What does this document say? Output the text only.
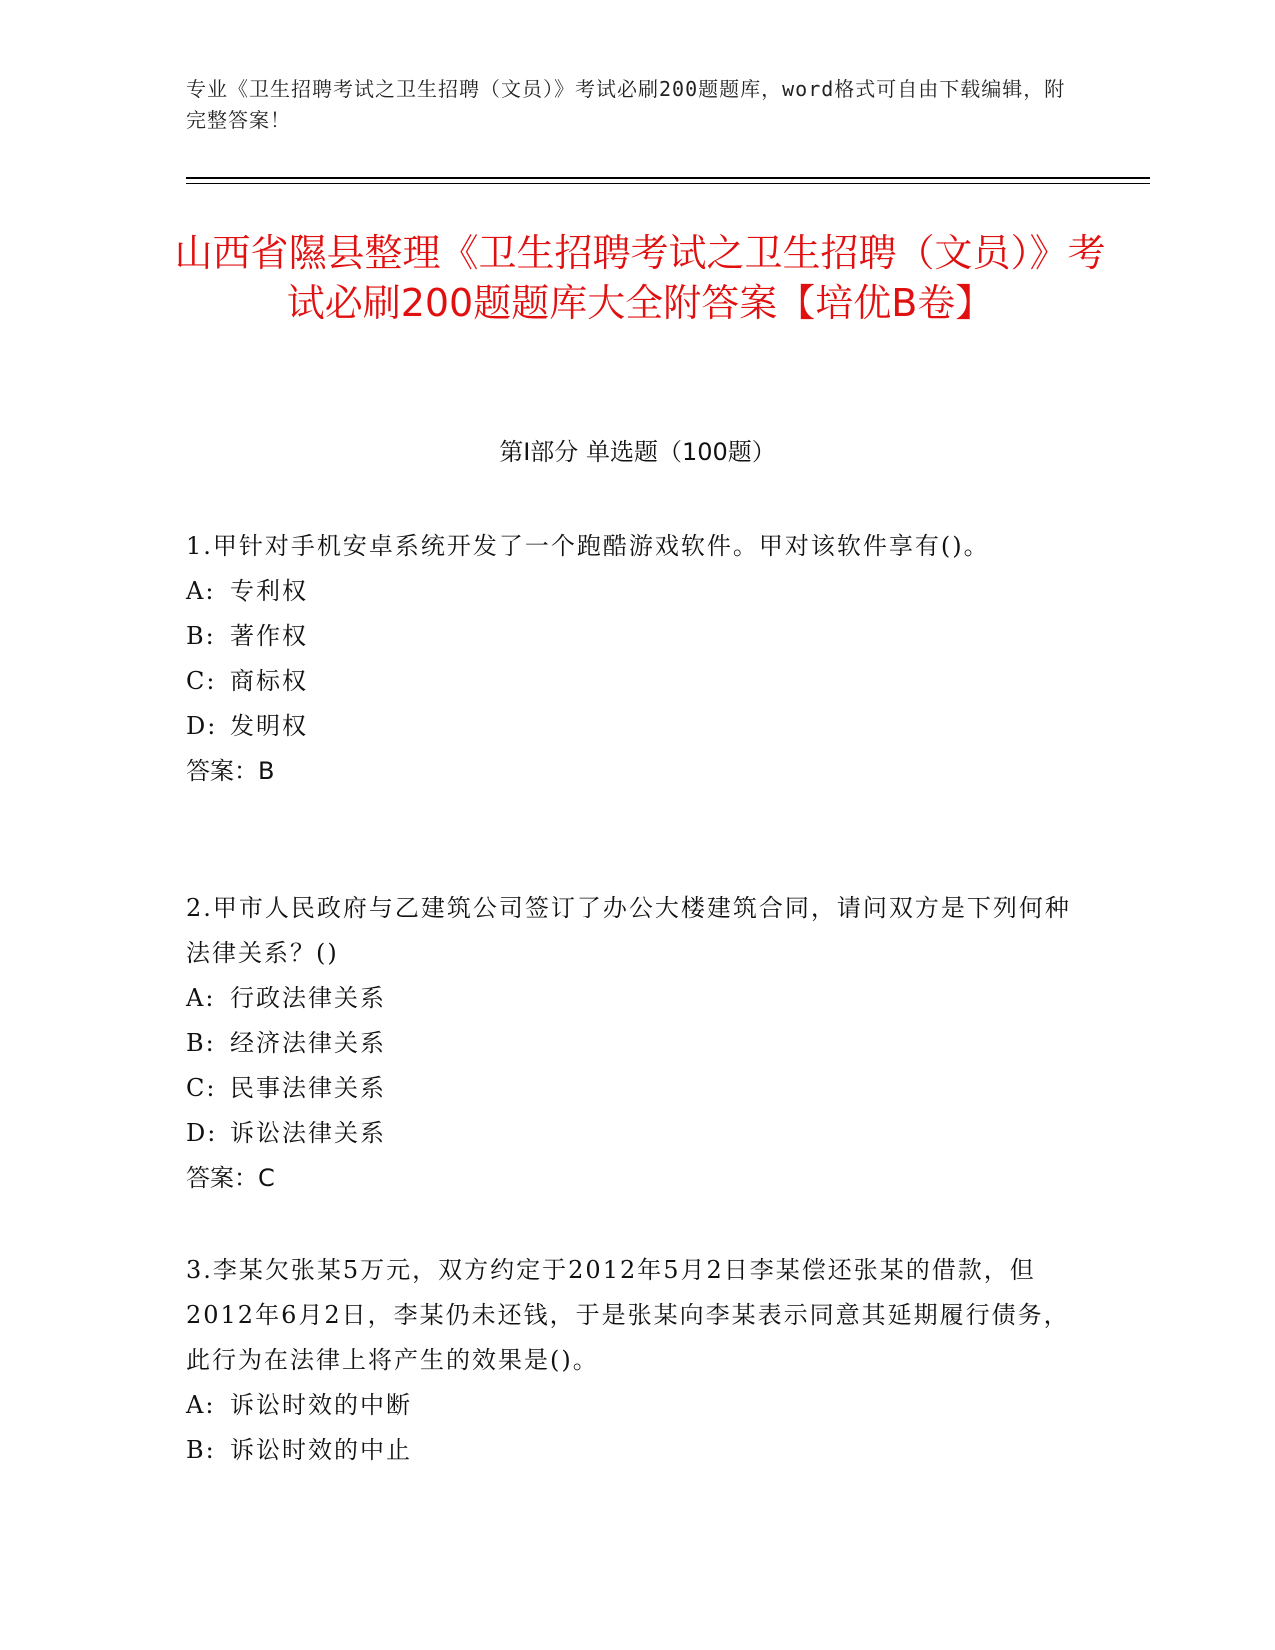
专业《卫生招聘考试之卫生招聘（文员）》考试必刷200题题库，word格式可自由下载编辑，附完整答案！
山西省隰县整理《卫生招聘考试之卫生招聘（文员）》考试必刷200题题库大全附答案【培优B卷】
第Ⅰ部分 单选题（100题）

1.甲针对手机安卓系统开发了一个跑酷游戏软件。甲对该软件享有()。

A: 专利权
B: 著作权
C: 商标权
D: 发明权

答案：B

2.甲市人民政府与乙建筑公司签订了办公大楼建筑合同，请问双方是下列何种法律关系？()

A: 行政法律关系
B: 经济法律关系
C: 民事法律关系
D: 诉讼法律关系

答案：C

3.李某欠张某5万元，双方约定于2012年5月2日李某偿还张某的借款，但2012年6月2日，李某仍未还钱，于是张某向李某表示同意其延期履行债务，此行为在法律上将产生的效果是()。

A: 诉讼时效的中断
B: 诉讼时效的中止
